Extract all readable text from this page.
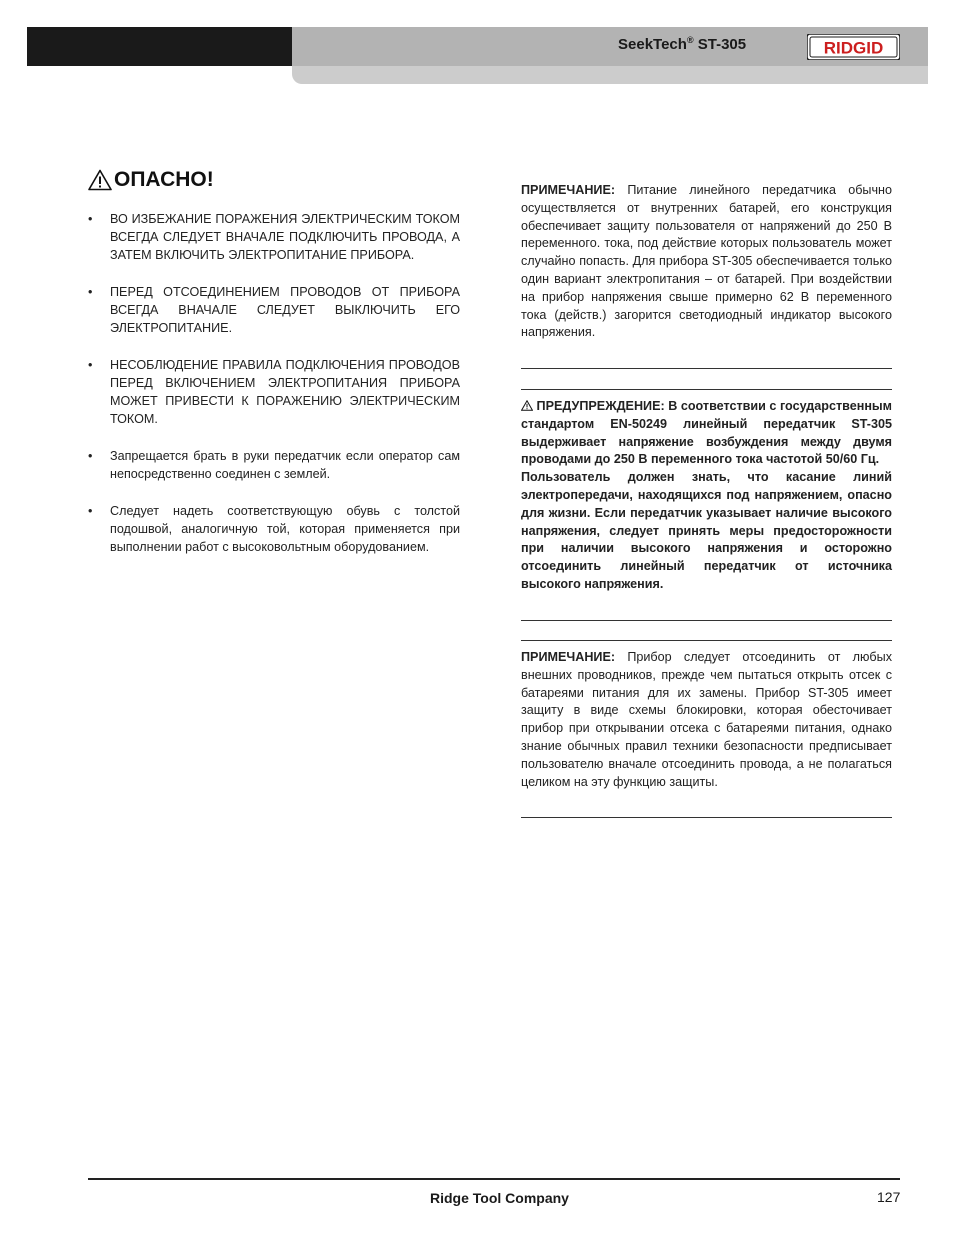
SeekTech® ST-305	RIDGID
ОПАСНО!
• ВО ИЗБЕЖАНИЕ ПОРАЖЕНИЯ ЭЛЕКТРИЧЕСКИМ ТОКОМ ВСЕГДА СЛЕДУЕТ ВНАЧАЛЕ ПОДКЛЮЧИТЬ ПРОВОДА, А ЗАТЕМ ВКЛЮЧИТЬ ЭЛЕКТРОПИТАНИЕ ПРИБОРА.
• ПЕРЕД ОТСОЕДИНЕНИЕМ ПРОВОДОВ ОТ ПРИБОРА ВСЕГДА ВНАЧАЛЕ СЛЕДУЕТ ВЫКЛЮЧИТЬ ЕГО ЭЛЕКТРОПИТАНИЕ.
• НЕСОБЛЮДЕНИЕ ПРАВИЛА ПОДКЛЮЧЕНИЯ ПРОВОДОВ ПЕРЕД ВКЛЮЧЕНИЕМ ЭЛЕКТРОПИТАНИЯ ПРИБОРА МОЖЕТ ПРИВЕСТИ К ПОРАЖЕНИЮ ЭЛЕКТРИЧЕСКИМ ТОКОМ.
• Запрещается брать в руки передатчик если оператор сам непосредственно соединен с землей.
• Следует надеть соответствующую обувь с толстой подошвой, аналогичную той, которая применяется при выполнении работ с высоковольтным оборудованием.
ПРИМЕЧАНИЕ: Питание линейного передатчика обычно осуществляется от внутренних батарей, его конструкция обеспечивает защиту пользователя от напряжений до 250 В переменного. тока, под действие которых пользователь может случайно попасть. Для прибора ST-305 обеспечивается только один вариант электропитания – от батарей. При воздействии на прибор напряжения свыше примерно 62 В переменного тока (действ.) загорится светодиодный индикатор высокого напряжения.
ПРЕДУПРЕЖДЕНИЕ: В соответствии с государственным стандартом EN-50249 линейный передатчик ST-305 выдерживает напряжение возбуждения между двумя проводами до 250 В переменного тока частотой 50/60 Гц.
Пользователь должен знать, что касание линий электропередачи, находящихся под напряжением, опасно для жизни. Если передатчик указывает наличие высокого напряжения, следует принять меры предосторожности при наличии высокого напряжения и осторожно отсоединить линейный передатчик от источника высокого напряжения.
ПРИМЕЧАНИЕ: Прибор следует отсоединить от любых внешних проводников, прежде чем пытаться открыть отсек с батареями питания для их замены. Прибор ST-305 имеет защиту в виде схемы блокировки, которая обесточивает прибор при открывании отсека с батареями питания, однако знание обычных правил техники безопасности предписывает пользователю вначале отсоединить провода, а не полагаться целиком на эту функцию защиты.
Ridge Tool Company	127
